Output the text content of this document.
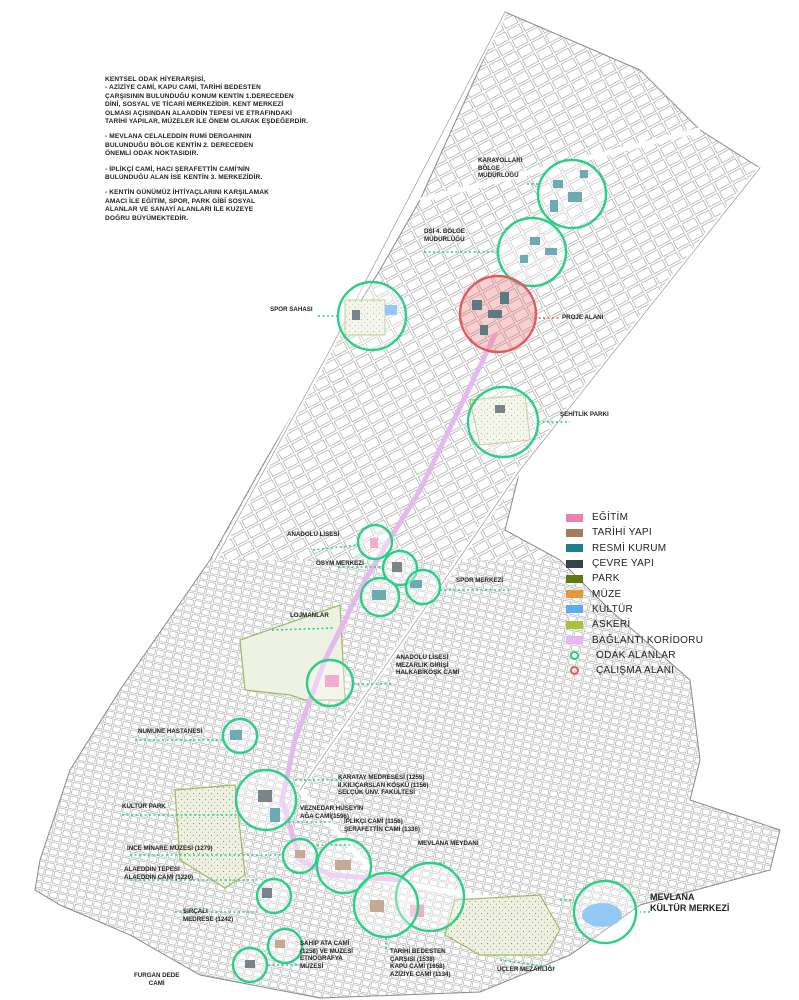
KENTSEL ODAK HİYERARŞİSİ,

- AZİZİYE CAMİ, KAPU CAMİ, TARİHİ BEDESTEN
ÇARŞISININ BULUNDUĞU KONUM KENTİN 1.DERECEDEN
DİNİ, SOSYAL VE TİCARİ MERKEZİDİR. KENT MERKEZİ
OLMASI AÇISINDAN ALAADDİN TEPESİ VE ETRAFINDAKİ
TARİHİ YAPILAR, MÜZELER İLE ÖNEM OLARAK EŞDEĞERDİR.

- MEVLANA CELALEDDİN RUMİ DERGAHININ
BULUNDUĞU BÖLGE KENTİN 2. DERECEDEN
ÖNEMLİ ODAK NOKTASIDIR.

- İPLİKÇİ CAMİ, HACI ŞERAFETTİN CAMİ'NİN
BULUNDUĞU ALAN İSE KENTİN 3. MERKEZİDİR.

- KENTİN GÜNÜMÜZ İHTİYAÇLARINI KARŞILAMAK
AMACI İLE EĞİTİM, SPOR, PARK GİBİ SOSYAL
ALANLAR VE SANAYİ ALANLARI İLE KUZEYE
DOĞRU BÜYÜMEKTEDİR.

KARAYOLLARI
BÖLGE
MÜDÜRLÜĞÜ
DSİ 4. BÖLGE
MÜDÜRLÜĞÜ
SPOR SAHASI
PROJE ALANI
ŞEHİTLİK PARKI
ANADOLU LİSESİ
ÖSYM MERKEZİ
SPOR MERKEZİ
LOJMANLAR
ANADOLU LİSESİ
MEZARLIK GİRİŞİ
HALKABİKÖŞK CAMİ
NUMUNE HASTANESİ
KARATAY MEDRESESİ (1255)
II.KILIÇARSLAN KÖŞKÜ (1156)
SELÇUK ÜNV. FAKÜLTESİ
KÜLTÜR PARK	VEZNEDAR HÜSEYİN
AĞA CAMİ(1596)
İPLİKÇİ CAMİ (1156)
ŞERAFETTİN CAMİ (1336)
İNCE MİNARE MÜZESİ (1279)
MEVLANA MEYDANI
ALAEDDİN TEPESİ
ALAEDDİN CAMİ (1220)
MEVLANA
KÜLTÜR MERKEZİ
SIRÇALI
MEDRESE (1242)
SAHİP ATA CAMİ
(1258) VE MÜZESİ
ETNOGRAFYA
MÜZESİ
TARİHİ BEDESTEN
ÇARŞISI (1538)
KAPU CAMİ (1658)
AZİZİYE CAMİ (1134)
FURGAN DEDE
CAMİ
ÜÇLER MEZARLIĞI
EĞİTİM
TARİHİ YAPI
RESMİ KURUM
ÇEVRE YAPI
PARK
MÜZE
KÜLTÜR
ASKERİ
BAĞLANTI KORİDORU
ODAK ALANLAR
ÇALIŞMA ALANI
